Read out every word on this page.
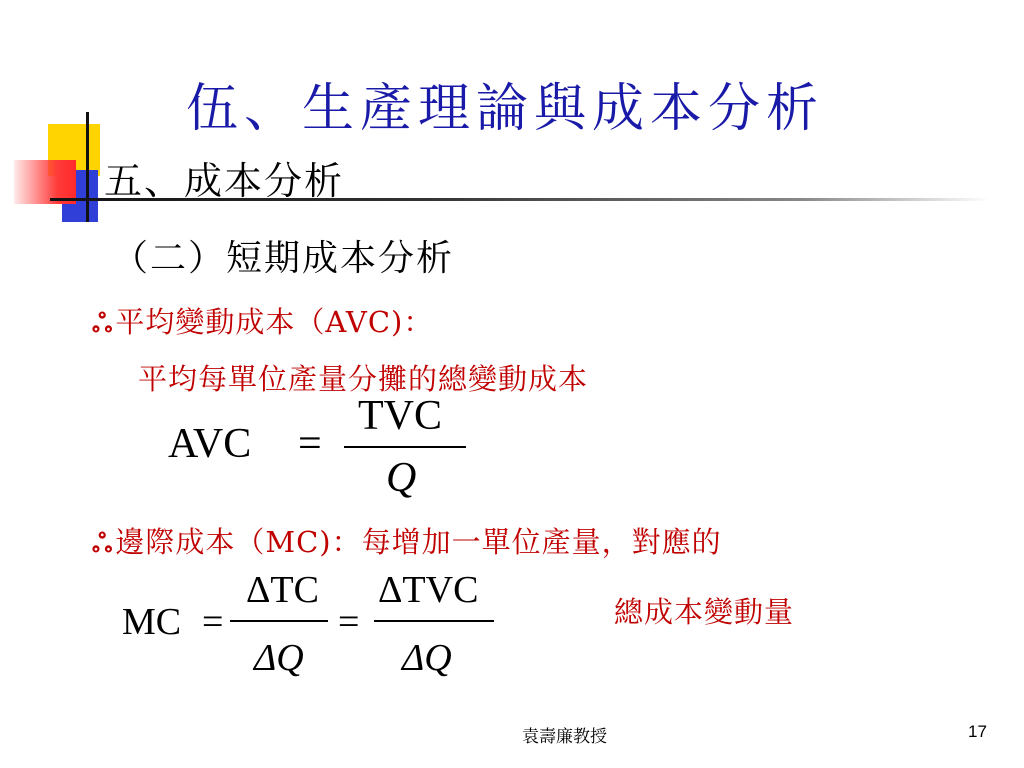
伍、生產理論與成本分析
五、成本分析
（二）短期成本分析
ஃ平均變動成本（AVC)：
平均每單位產量分攤的總變動成本
AVC =
TVC
Q
ஃ邊際成本（MC)：每增加一單位產量，對應的
總成本變動量
MC =
ΔTC
ΔQ
=
ΔTVC
ΔQ
袁壽廉教授	17
